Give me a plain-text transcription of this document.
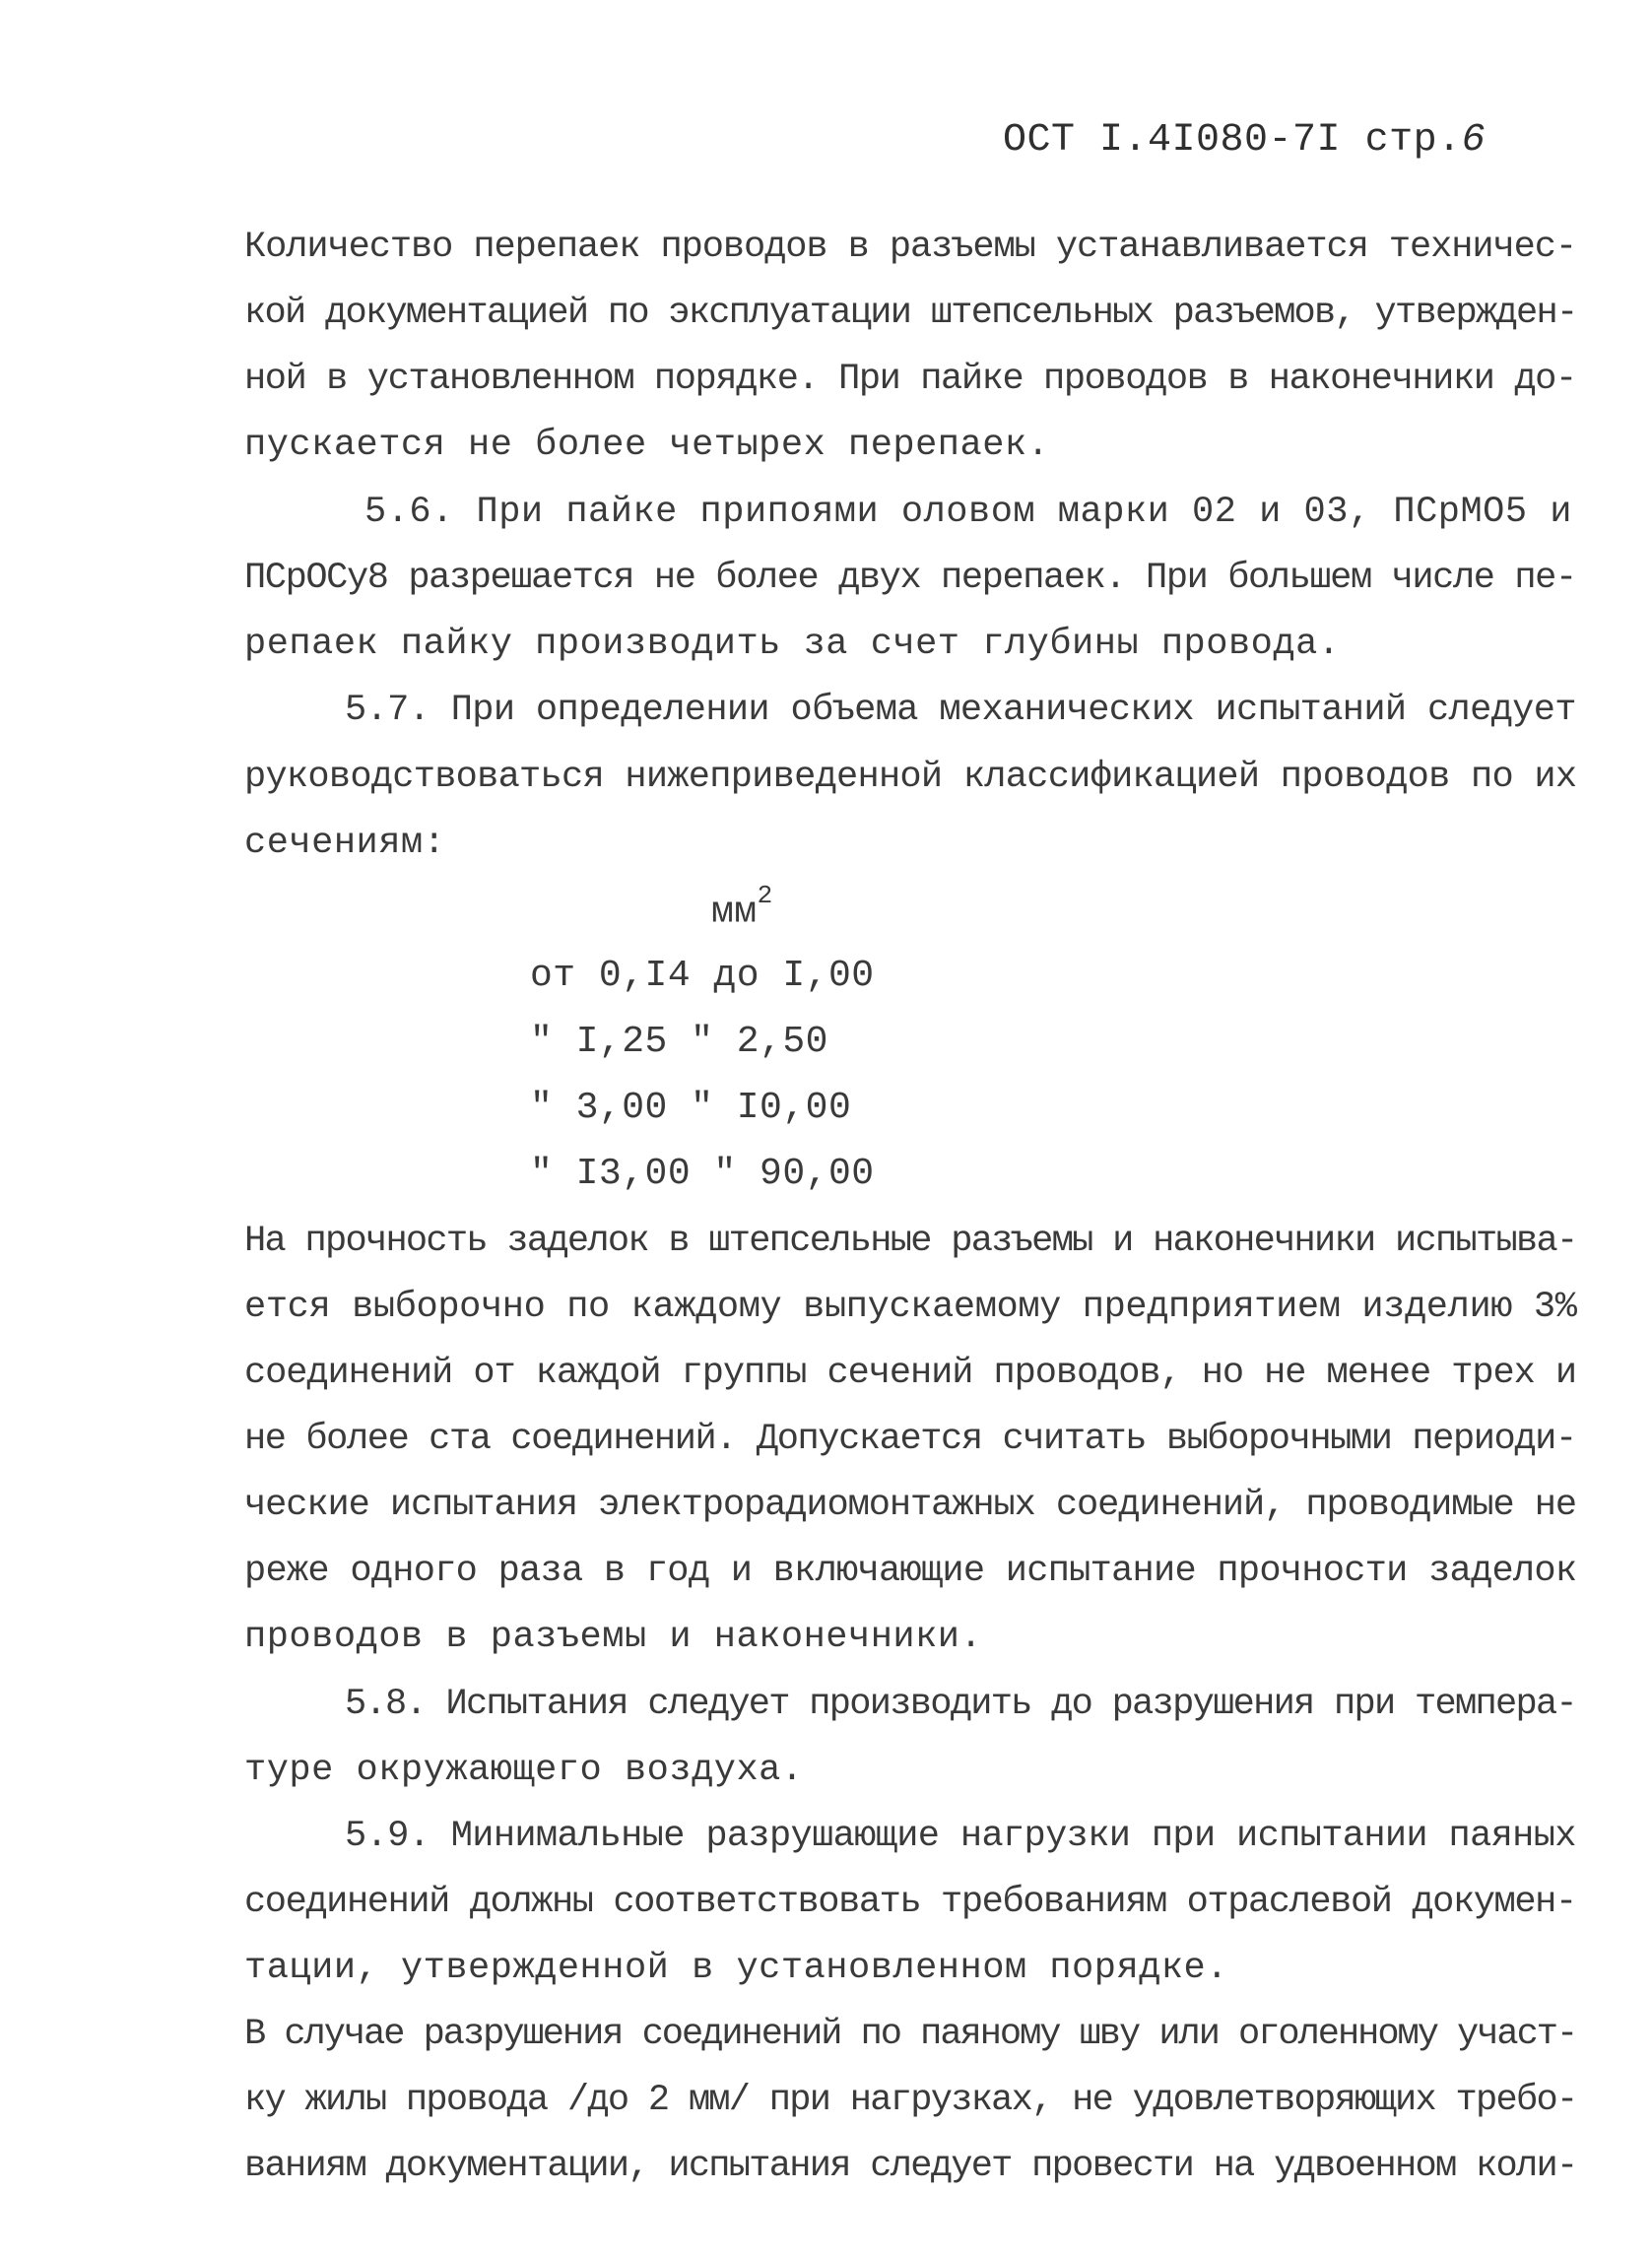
ОСТ I.4I080-7I стр.6
Количество перепаек проводов в разъемы устанавливается техничес-
кой документацией по эксплуатации штепсельных разъемов, утвержден-
ной в установленном порядке. При пайке проводов в наконечники до-
пускается не более четырех перепаек.
5.6. При пайке припоями оловом марки 02 и 03, ПСрМО5 и
ПСрОСу8 разрешается не более двух перепаек. При большем числе пе-
репаек пайку производить за счет глубины провода.
5.7. При определении объема механических испытаний следует
руководствоваться нижеприведенной классификацией проводов по их
сечениям:
$мм^2$
от 0,I4 до I,00
" I,25 " 2,50
" 3,00 " I0,00
" I3,00 " 90,00
На прочность заделок в штепсельные разъемы и наконечники испытыва-
ется выборочно по каждому выпускаемому предприятием изделию 3%
соединений от каждой группы сечений проводов, но не менее трех и
не более ста соединений. Допускается считать выборочными периоди-
ческие испытания электрорадиомонтажных соединений, проводимые не
реже одного раза в год и включающие испытание прочности заделок
проводов в разъемы и наконечники.
5.8. Испытания следует производить до разрушения при темпера-
туре окружающего воздуха.
5.9. Минимальные разрушающие нагрузки при испытании паяных
соединений должны соответствовать требованиям отраслевой докумен-
тации, утвержденной в установленном порядке.
В случае разрушения соединений по паяному шву или оголенному участ-
ку жилы провода /до 2 мм/ при нагрузках, не удовлетворяющих требо-
ваниям документации, испытания следует провести на удвоенном коли-
